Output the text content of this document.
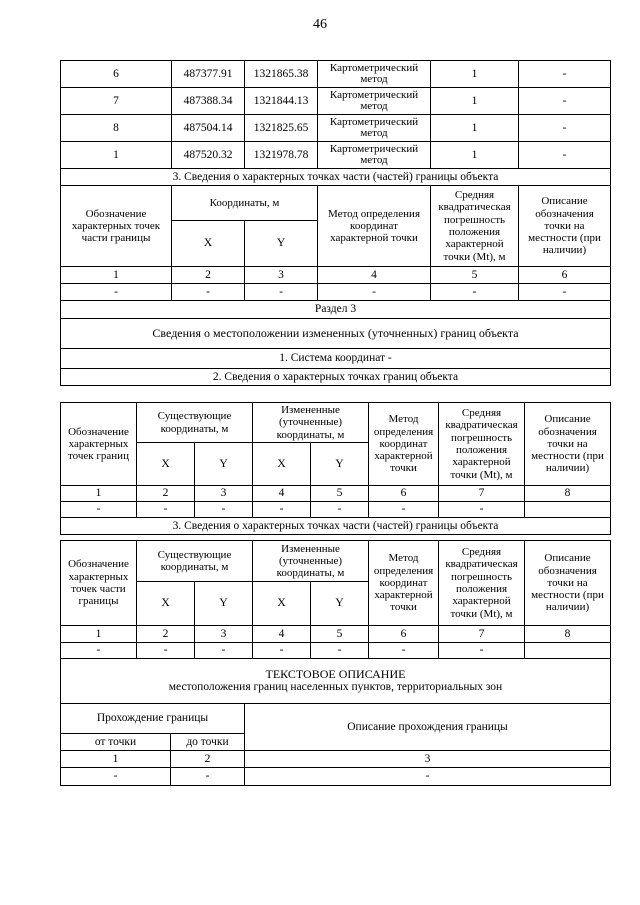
46
6	487377.91	1321865.38	Картометрический метод	1	-
7	487388.34	1321844.13	Картометрический метод	1	-
8	487504.14	1321825.65	Картометрический метод	1	-
1	487520.32	1321978.78	Картометрический метод	1	-
3. Сведения о характерных точках части (частей) границы объекта					
Обозначение характерных точек части границы	Координаты, м		Метод определения координат характерной точки	Средняя квадратическая погрешность положения характерной точки (Mt), м	Описание обозначения точки на местности (при наличии)
	X	Y			
1	2	3	4	5	6
-	-	-	-	-	-
Раздел 3					
Сведения о местоположении измененных (уточненных) границ объекта					
1. Система координат -					
2. Сведения о характерных точках границ объекта					
Обозначение характерных точек границ	Существующие координаты, м		Измененные (уточненные) координаты, м		Метод определения координат характерной точки	Средняя квадратическая погрешность положения характерной точки (Mt), м	Описание обозначения точки на местности (при наличии)
	X	Y	X	Y			
1	2	3	4	5	6	7	8
-	-	-	-	-	-	-	
3. Сведения о характерных точках части (частей) границы объекта							
Обозначение характерных точек части границы	Существующие координаты, м		Измененные (уточненные) координаты, м		Метод определения координат характерной точки	Средняя квадратическая погрешность положения характерной точки (Mt), м	Описание обозначения точки на местности (при наличии)
	X	Y	X	Y			
1	2	3	4	5	6	7	8
-	-	-	-	-	-	-	
ТЕКСТОВОЕ ОПИСАНИЕ
местоположения границ населенных пунктов, территориальных зон		

Прохождение границы		Описание прохождения границы
от точки	до точки	
1	2	3
-	-	-
